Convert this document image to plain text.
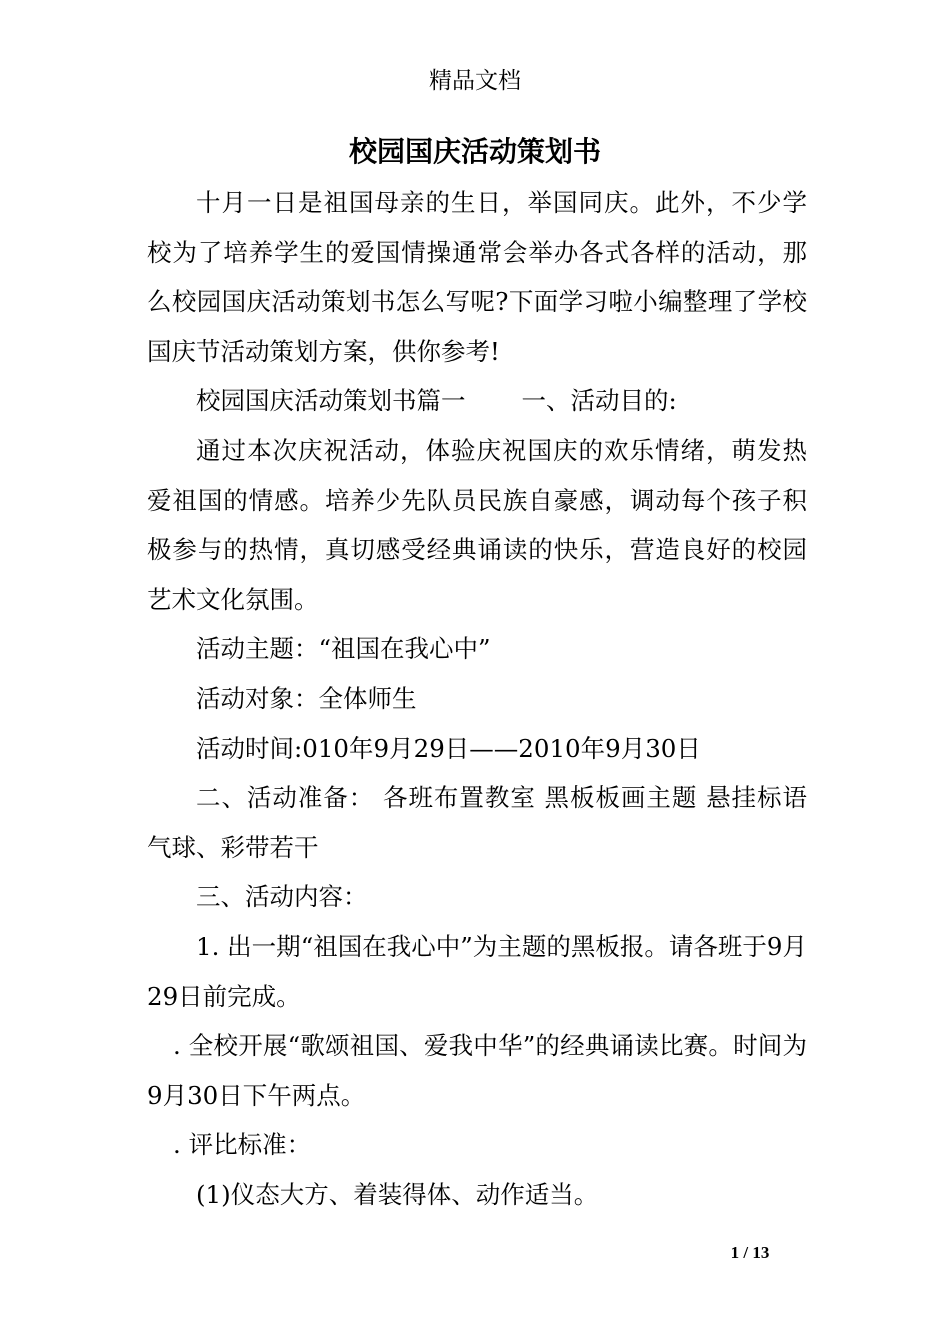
精品文档
校园国庆活动策划书

十月一日是祖国母亲的生日，举国同庆。此外，不少学校为了培养学生的爱国情操通常会举办各式各样的活动，那么校园国庆活动策划书怎么写呢?下面学习啦小编整理了学校国庆节活动策划方案，供你参考!

校园国庆活动策划书篇一 一、活动目的:

通过本次庆祝活动，体验庆祝国庆的欢乐情绪，萌发热爱祖国的情感。培养少先队员民族自豪感，调动每个孩子积极参与的热情，真切感受经典诵读的快乐，营造良好的校园艺术文化氛围。

活动主题：“祖国在我心中”

活动对象：全体师生

活动时间:010年9月29日——2010年9月30日

二、活动准备： 各班布置教室 黑板板画主题 悬挂标语气球、彩带若干

三、活动内容：

1. 出一期“祖国在我心中”为主题的黑板报。请各班于9月29日前完成。

. 全校开展“歌颂祖国、爱我中华”的经典诵读比赛。时间为9月30日下午两点。

. 评比标准：

(1)仪态大方、着装得体、动作适当。

1 / 13
